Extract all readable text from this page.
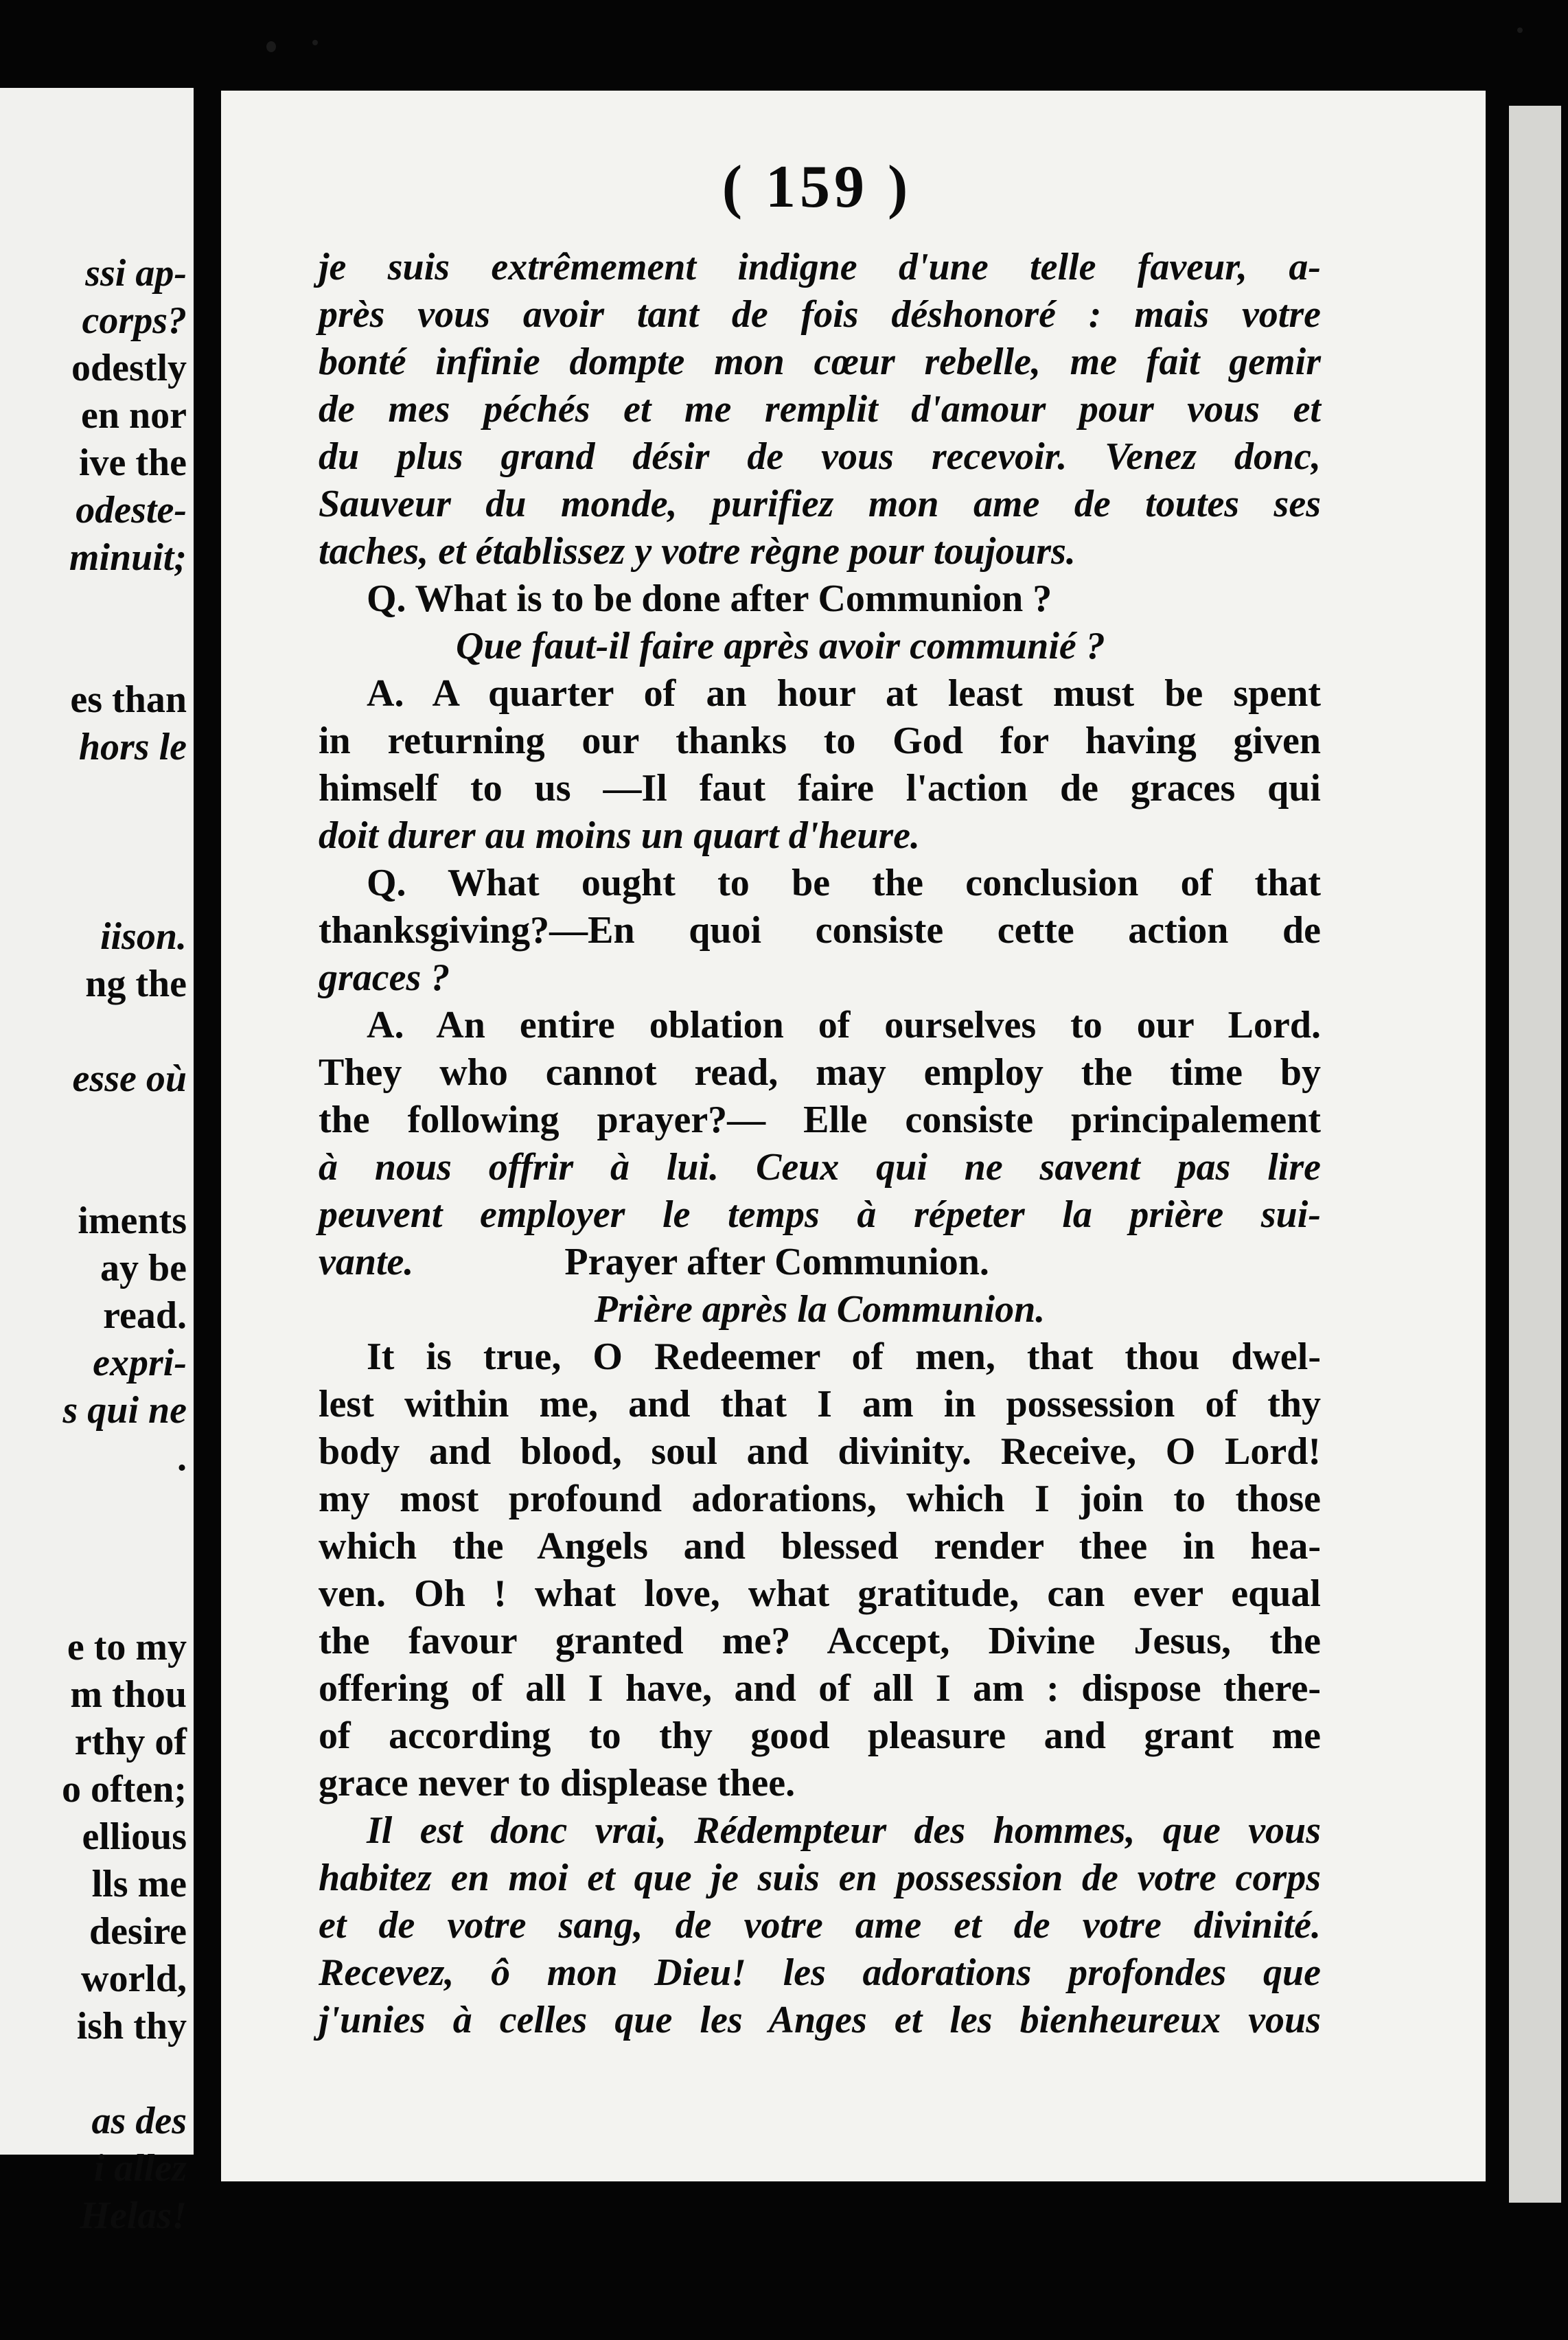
ssi ap-
corps?
odestly
en nor
ive the
odeste-
minuit;
es than
hors le
iison.
ng the
esse où
iments
ay be
read.
expri-
s qui ne
.
e to my
m thou
rthy of
o often;
ellious
lls me
desire
world,
ish thy
as des
i allez
Helas!
( 159 )
je suis extrêmement indigne d'une telle faveur, a-
près vous avoir tant de fois déshonoré : mais votre
bonté infinie dompte mon cœur rebelle, me fait gemir
de mes péchés et me remplit d'amour pour vous et
du plus grand désir de vous recevoir. Venez donc,
Sauveur du monde, purifiez mon ame de toutes ses
taches, et établissez y votre règne pour toujours.
Q. What is to be done after Communion ?
Que faut-il faire après avoir communié ?
A. A quarter of an hour at least must be spent
in returning our thanks to God for having given
himself to us —Il faut faire l'action de graces qui
doit durer au moins un quart d'heure.
Q. What ought to be the conclusion of that
thanksgiving?—En quoi consiste cette action de
graces ?
A. An entire oblation of ourselves to our Lord.
They who cannot read, may employ the time by
the following prayer?— Elle consiste principalement
à nous offrir à lui. Ceux qui ne savent pas lire
peuvent employer le temps à répeter la prière sui-
vante.	Prayer after Communion.
Prière après la Communion.
It is true, O Redeemer of men, that thou dwel-
lest within me, and that I am in possession of thy
body and blood, soul and divinity. Receive, O Lord!
my most profound adorations, which I join to those
which the Angels and blessed render thee in hea-
ven. Oh ! what love, what gratitude, can ever equal
the favour granted me? Accept, Divine Jesus, the
offering of all I have, and of all I am : dispose there-
of according to thy good pleasure and grant me
grace never to displease thee.
Il est donc vrai, Rédempteur des hommes, que vous
habitez en moi et que je suis en possession de votre corps
et de votre sang, de votre ame et de votre divinité.
Recevez, ô mon Dieu! les adorations profondes que
j'unies à celles que les Anges et les bienheureux vous
